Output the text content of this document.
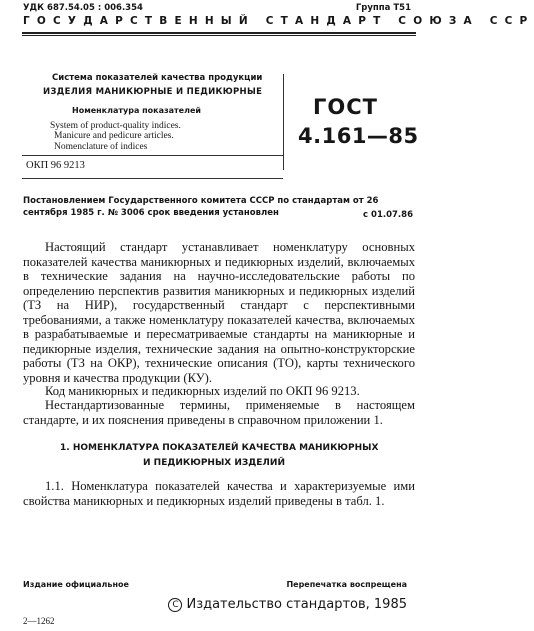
УДК 687.54.05 : 006.354	Группа Т51
ГОСУДАРСТВЕННЫЙ СТАНДАРТ СОЮЗА ССР
Система показателей качества продукции
ИЗДЕЛИЯ МАНИКЮРНЫЕ И ПЕДИКЮРНЫЕ
Номенклатура показателей
System of product-quality indices.
Manicure and pedicure articles.
Nomenclature of indices
ГОСТ
4.161—85
ОКП 96 9213
Постановлением Государственного комитета СССР по стандартам от 26 сентября 1985 г. № 3006 срок введения установлен	с 01.07.86
Настоящий стандарт устанавливает номенклатуру основных показателей качества маникюрных и педикюрных изделий, включаемых в технические задания на научно-исследовательские работы по определению перспектив развития маникюрных и педикюрных изделий (ТЗ на НИР), государственный стандарт с перспективными требованиями, а также номенклатуру показателей качества, включаемых в разрабатываемые и пересматриваемые стандарты на маникюрные и педикюрные изделия, технические задания на опытно-конструкторские работы (ТЗ на ОКР), технические описания (ТО), карты технического уровня и качества продукции (КУ).
Код маникюрных и педикюрных изделий по ОКП 96 9213.
Нестандартизованные термины, применяемые в настоящем стандарте, и их пояснения приведены в справочном приложении 1.
1. НОМЕНКЛАТУРА ПОКАЗАТЕЛЕЙ КАЧЕСТВА МАНИКЮРНЫХ
И ПЕДИКЮРНЫХ ИЗДЕЛИЙ
1.1. Номенклатура показателей качества и характеризуемые ими свойства маникюрных и педикюрных изделий приведены в табл. 1.
Издание официальное	Перепечатка воспрещена
C Издательство стандартов, 1985
2—1262
